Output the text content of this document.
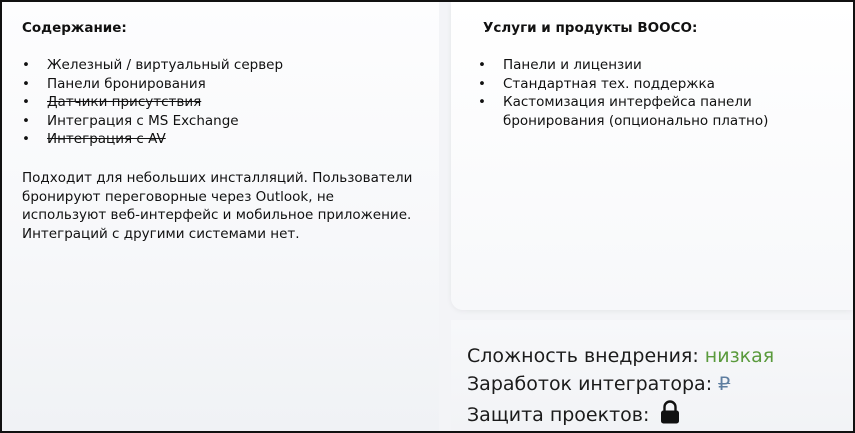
Содержание:
• Железный / виртуальный сервер
• Панели бронирования
• Датчики присутствия
• Интеграция с MS Exchange
• Интеграция с AV

Подходит для небольших инсталляций. Пользователи бронируют переговорные через Outlook, не используют веб-интерфейс и мобильное приложение. Интеграций с другими системами нет.

Услуги и продукты BOOCO:
• Панели и лицензии
• Стандартная тех. поддержка
• Кастомизация интерфейса панели бронирования (опционально платно)
Сложность внедрения: низкая
Заработок интегратора: ₽
Защита проектов:
